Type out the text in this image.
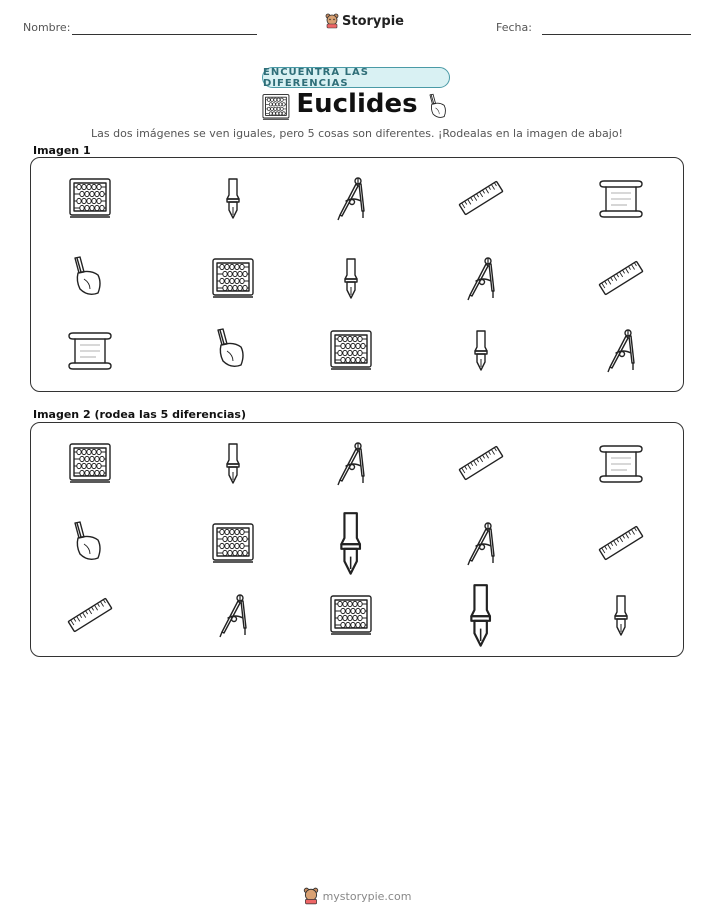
Nombre:	Storypie	Fecha:
ENCUENTRA LAS DIFERENCIAS
Euclides
Las dos imágenes se ven iguales, pero 5 cosas son diferentes. ¡Rodealas en la imagen de abajo!
Imagen 1
Imagen 2 (rodea las 5 diferencias)
mystorypie.com
